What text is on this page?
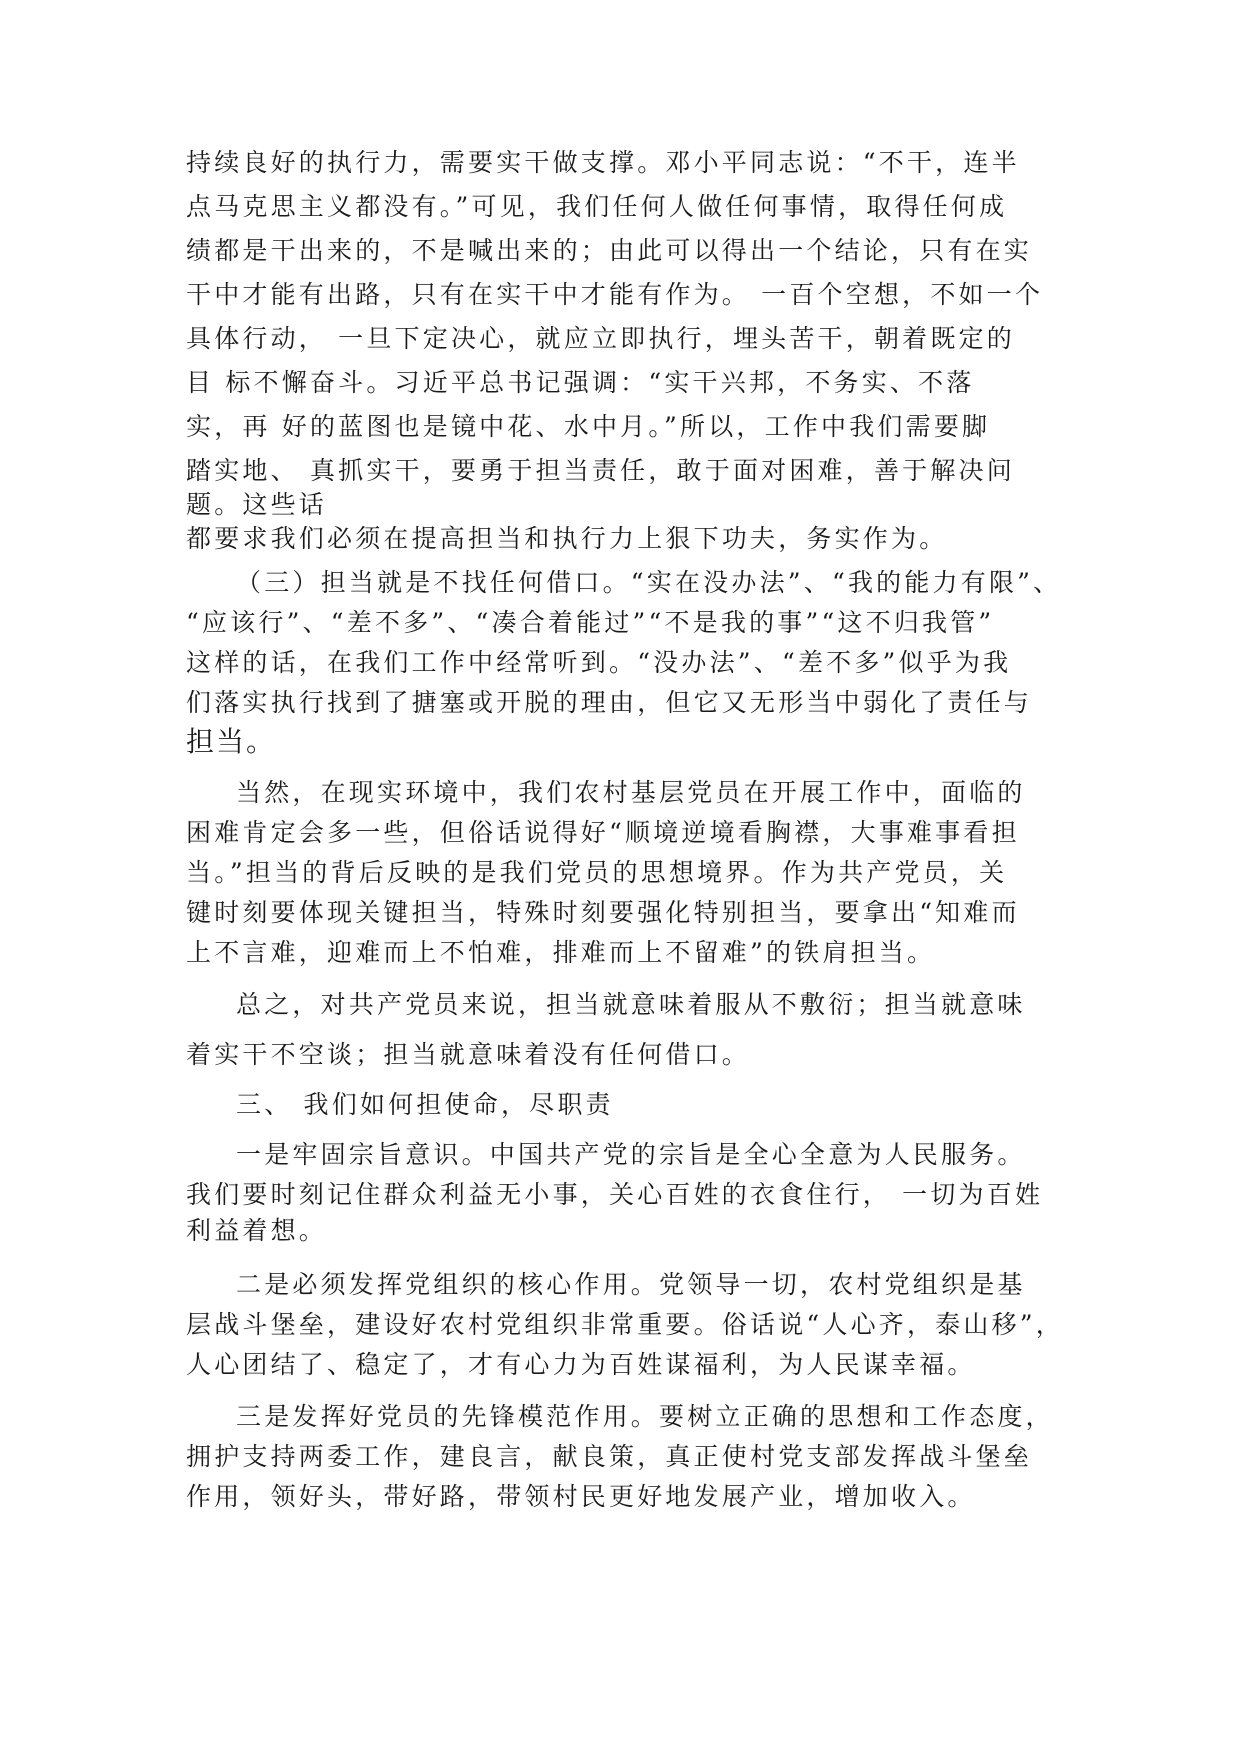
持续良好的执行力，需要实干做支撑。邓小平同志说：“不干，连半
点马克思主义都没有。”可见，我们任何人做任何事情，取得任何成
绩都是干出来的，不是喊出来的；由此可以得出一个结论，只有在实
干中才能有出路，只有在实干中才能有作为。 一百个空想，不如一个
具体行动， 一旦下定决心，就应立即执行，埋头苦干，朝着既定的
目 标不懈奋斗。习近平总书记强调：“实干兴邦，不务实、不落
实，再 好的蓝图也是镜中花、水中月。”所以，工作中我们需要脚
踏实地、 真抓实干，要勇于担当责任，敢于面对困难，善于解决问
题。这些话
都要求我们必须在提高担当和执行力上狠下功夫，务实作为。
（三）担当就是不找任何借口。“实在没办法”、“我的能力有限”、
“应该行”、“差不多”、“凑合着能过”“不是我的事”“这不归我管”
这样的话，在我们工作中经常听到。“没办法”、“差不多”似乎为我
们落实执行找到了搪塞或开脱的理由，但它又无形当中弱化了责任与
担当。
当然，在现实环境中，我们农村基层党员在开展工作中，面临的
困难肯定会多一些，但俗话说得好“顺境逆境看胸襟，大事难事看担
当。”担当的背后反映的是我们党员的思想境界。作为共产党员，关
键时刻要体现关键担当，特殊时刻要强化特别担当，要拿出“知难而
上不言难，迎难而上不怕难，排难而上不留难”的铁肩担当。
总之，对共产党员来说，担当就意味着服从不敷衍；担当就意味
着实干不空谈；担当就意味着没有任何借口。
三、 我们如何担使命，尽职责
一是牢固宗旨意识。中国共产党的宗旨是全心全意为人民服务。
我们要时刻记住群众利益无小事，关心百姓的衣食住行， 一切为百姓
利益着想。
二是必须发挥党组织的核心作用。党领导一切，农村党组织是基
层战斗堡垒，建设好农村党组织非常重要。俗话说“人心齐，泰山移”，
人心团结了、稳定了，才有心力为百姓谋福利，为人民谋幸福。
三是发挥好党员的先锋模范作用。要树立正确的思想和工作态度，
拥护支持两委工作，建良言，献良策，真正使村党支部发挥战斗堡垒
作用，领好头，带好路，带领村民更好地发展产业，增加收入。
